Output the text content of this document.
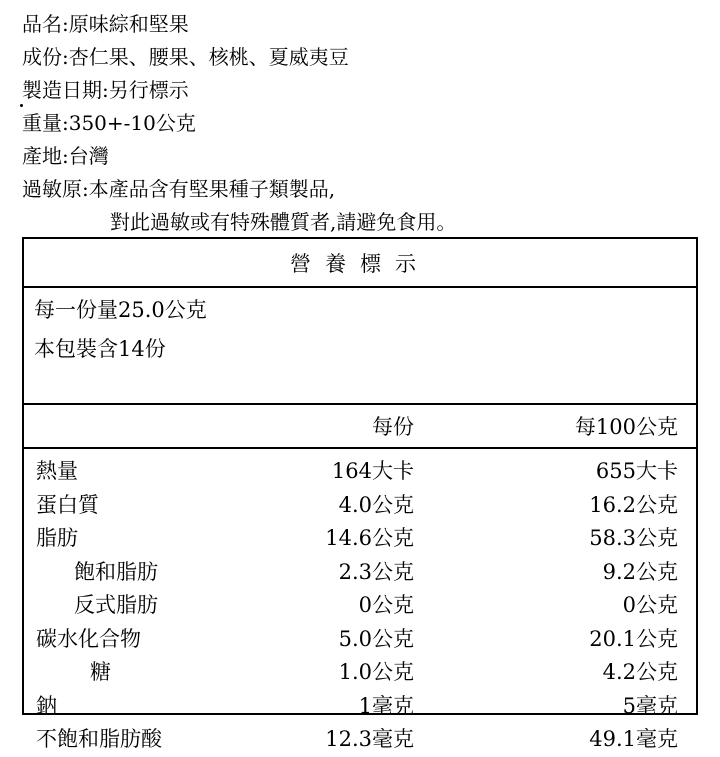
品名:原味綜和堅果
成份:杏仁果、腰果、核桃、夏威夷豆
製造日期:另行標示
重量:350+-10公克
產地:台灣
過敏原:本產品含有堅果種子類製品,
對此過敏或有特殊體質者,請避免食用。
營養標示
每一份量25.0公克
本包裝含14份
每份	每100公克
熱量	164大卡	655大卡
蛋白質	4.0公克	16.2公克
脂肪	14.6公克	58.3公克
飽和脂肪	2.3公克	9.2公克
反式脂肪	0公克	0公克
碳水化合物	5.0公克	20.1公克
糖	1.0公克	4.2公克
鈉	1毫克	5毫克
不飽和脂肪酸	12.3毫克	49.1毫克
